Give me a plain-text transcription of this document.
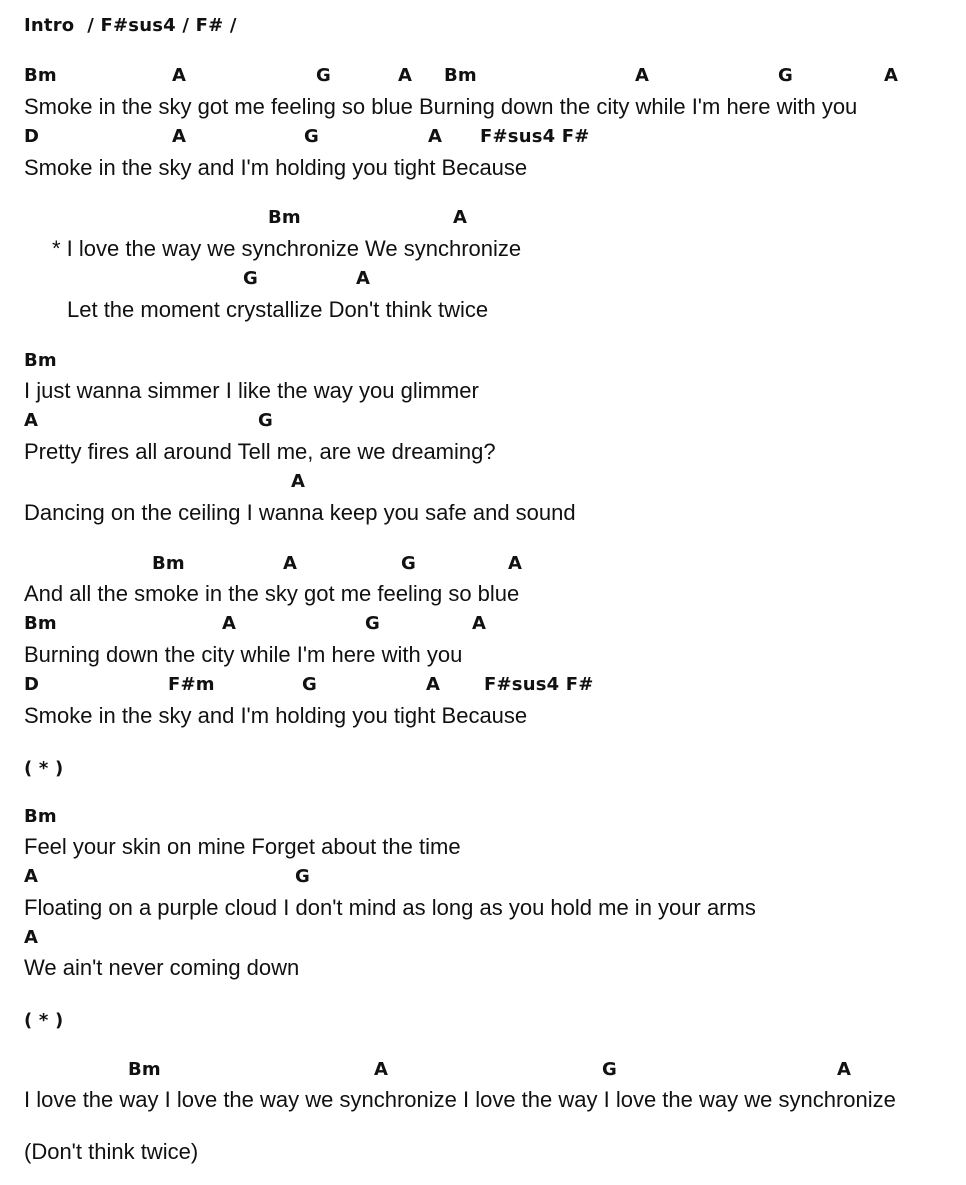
Intro  / F#sus4 / F# /
Bm	A	G	A Bm	A	G	A
Smoke in the sky got me feeling so blue Burning down the city while I'm here with you
D	A	G	A F#sus4 F#
Smoke in the sky and I'm holding you tight Because
Bm	A
* I love the way we synchronize We synchronize
G	A
Let the moment crystallize Don't think twice
Bm
I just wanna simmer I like the way you glimmer
A	G
Pretty fires all around Tell me, are we dreaming?
A
Dancing on the ceiling I wanna keep you safe and sound
Bm	A	G	A
And all the smoke in the sky got me feeling so blue
Bm	A	G	A
Burning down the city while I'm here with you
D	F#m	G	A F#sus4 F#
Smoke in the sky and I'm holding you tight Because
( * )
Bm
Feel your skin on mine Forget about the time
A	G
Floating on a purple cloud I don't mind as long as you hold me in your arms
A
We ain't never coming down
( * )
Bm	A	G	A
I love the way I love the way we synchronize I love the way I love the way we synchronize
(Don't think twice)
